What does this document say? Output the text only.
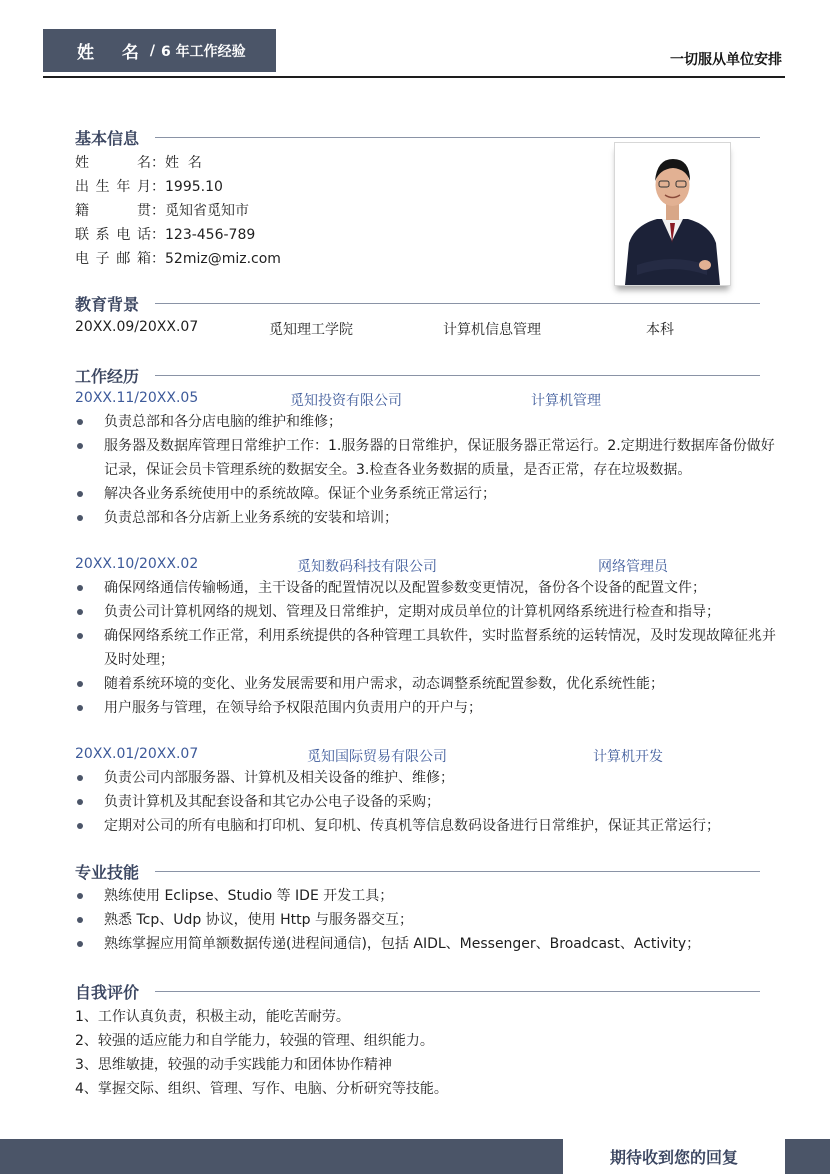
姓 名 / 6 年工作经验
一切服从单位安排
基本信息
姓名：姓  名
出生年月：1995.10
籍贯：觅知省觅知市
联系电话：123-456-789
电子邮箱：52miz@miz.com
教育背景
20XX.09/20XX.07	觅知理工学院	计算机信息管理	本科
工作经历
20XX.11/20XX.05	觅知投资有限公司	计算机管理
负责总部和各分店电脑的维护和维修；
服务器及数据库管理日常维护工作：1.服务器的日常维护，保证服务器正常运行。2.定期进行数据库备份做好记录，保证会员卡管理系统的数据安全。3.检查各业务数据的质量，是否正常，存在垃圾数据。
解决各业务系统使用中的系统故障。保证个业务系统正常运行；
负责总部和各分店新上业务系统的安装和培训；
20XX.10/20XX.02	觅知数码科技有限公司	网络管理员
确保网络通信传输畅通，主干设备的配置情况以及配置参数变更情况，备份各个设备的配置文件；
负责公司计算机网络的规划、管理及日常维护，定期对成员单位的计算机网络系统进行检查和指导；
确保网络系统工作正常，利用系统提供的各种管理工具软件，实时监督系统的运转情况，及时发现故障征兆并及时处理；
随着系统环境的变化、业务发展需要和用户需求，动态调整系统配置参数，优化系统性能；
用户服务与管理，在领导给予权限范围内负责用户的开户与；
20XX.01/20XX.07	觅知国际贸易有限公司	计算机开发
负责公司内部服务器、计算机及相关设备的维护、维修；
负责计算机及其配套设备和其它办公电子设备的采购；
定期对公司的所有电脑和打印机、复印机、传真机等信息数码设备进行日常维护，保证其正常运行；
专业技能
熟练使用 Eclipse、Studio 等 IDE 开发工具；
熟悉 Tcp、Udp 协议，使用 Http 与服务器交互；
熟练掌握应用简单额数据传递(进程间通信)，包括 AIDL、Messenger、Broadcast、Activity；
自我评价
1、工作认真负责，积极主动，能吃苦耐劳。
2、较强的适应能力和自学能力，较强的管理、组织能力。
3、思维敏捷，较强的动手实践能力和团体协作精神
4、掌握交际、组织、管理、写作、电脑、分析研究等技能。
期待收到您的回复
